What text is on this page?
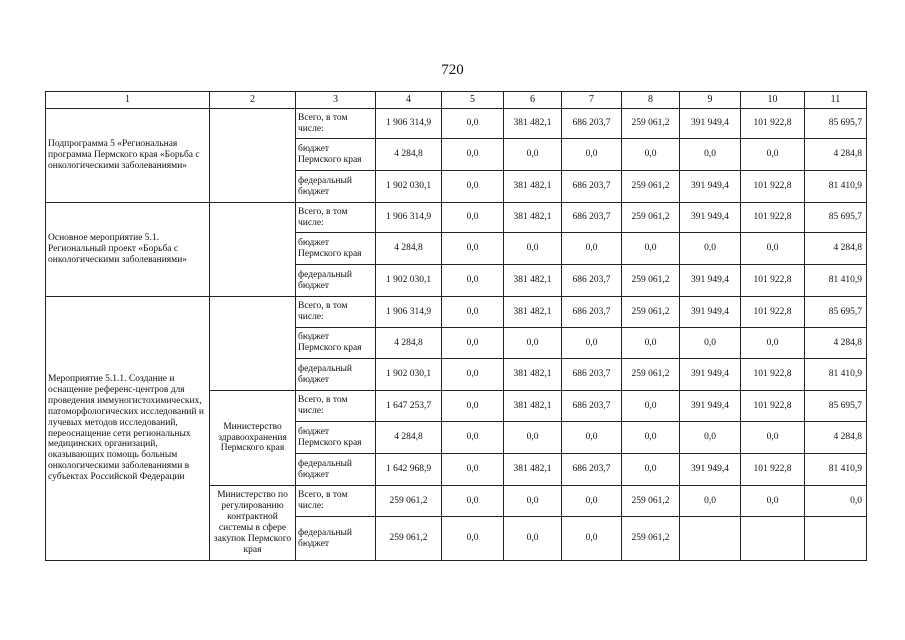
720
1	2	3	4	5	6	7	8	9	10	11
Подпрограмма 5 «Региональная программа Пермского края «Борьба с онкологическими заболеваниями»		Всего, в том числе:	1 906 314,9	0,0	381 482,1	686 203,7	259 061,2	391 949,4	101 922,8	85 695,7
		бюджет Пермского края	4 284,8	0,0	0,0	0,0	0,0	0,0	0,0	4 284,8
		федеральный бюджет	1 902 030,1	0,0	381 482,1	686 203,7	259 061,2	391 949,4	101 922,8	81 410,9
Основное мероприятие 5.1. Региональный проект «Борьба с онкологическими заболеваниями»		Всего, в том числе:	1 906 314,9	0,0	381 482,1	686 203,7	259 061,2	391 949,4	101 922,8	85 695,7
		бюджет Пермского края	4 284,8	0,0	0,0	0,0	0,0	0,0	0,0	4 284,8
		федеральный бюджет	1 902 030,1	0,0	381 482,1	686 203,7	259 061,2	391 949,4	101 922,8	81 410,9
Мероприятие 5.1.1. Создание и оснащение референс-центров для проведения иммуногистохимических, патоморфологических исследований и лучевых методов исследований, переоснащение сети региональных медицинских организаций, оказывающих помощь больным онкологическими заболеваниями в субъектах Российской Федерации		Всего, в том числе:	1 906 314,9	0,0	381 482,1	686 203,7	259 061,2	391 949,4	101 922,8	85 695,7
		бюджет Пермского края	4 284,8	0,0	0,0	0,0	0,0	0,0	0,0	4 284,8
		федеральный бюджет	1 902 030,1	0,0	381 482,1	686 203,7	259 061,2	391 949,4	101 922,8	81 410,9
	Министерство здравоохранения Пермского края	Всего, в том числе:	1 647 253,7	0,0	381 482,1	686 203,7	0,0	391 949,4	101 922,8	85 695,7
		бюджет Пермского края	4 284,8	0,0	0,0	0,0	0,0	0,0	0,0	4 284,8
		федеральный бюджет	1 642 968,9	0,0	381 482,1	686 203,7	0,0	391 949,4	101 922,8	81 410,9
	Министерство по регулированию контрактной системы в сфере закупок Пермского края	Всего, в том числе:	259 061,2	0,0	0,0	0,0	259 061,2	0,0	0,0	0,0
		федеральный бюджет	259 061,2	0,0	0,0	0,0	259 061,2			
